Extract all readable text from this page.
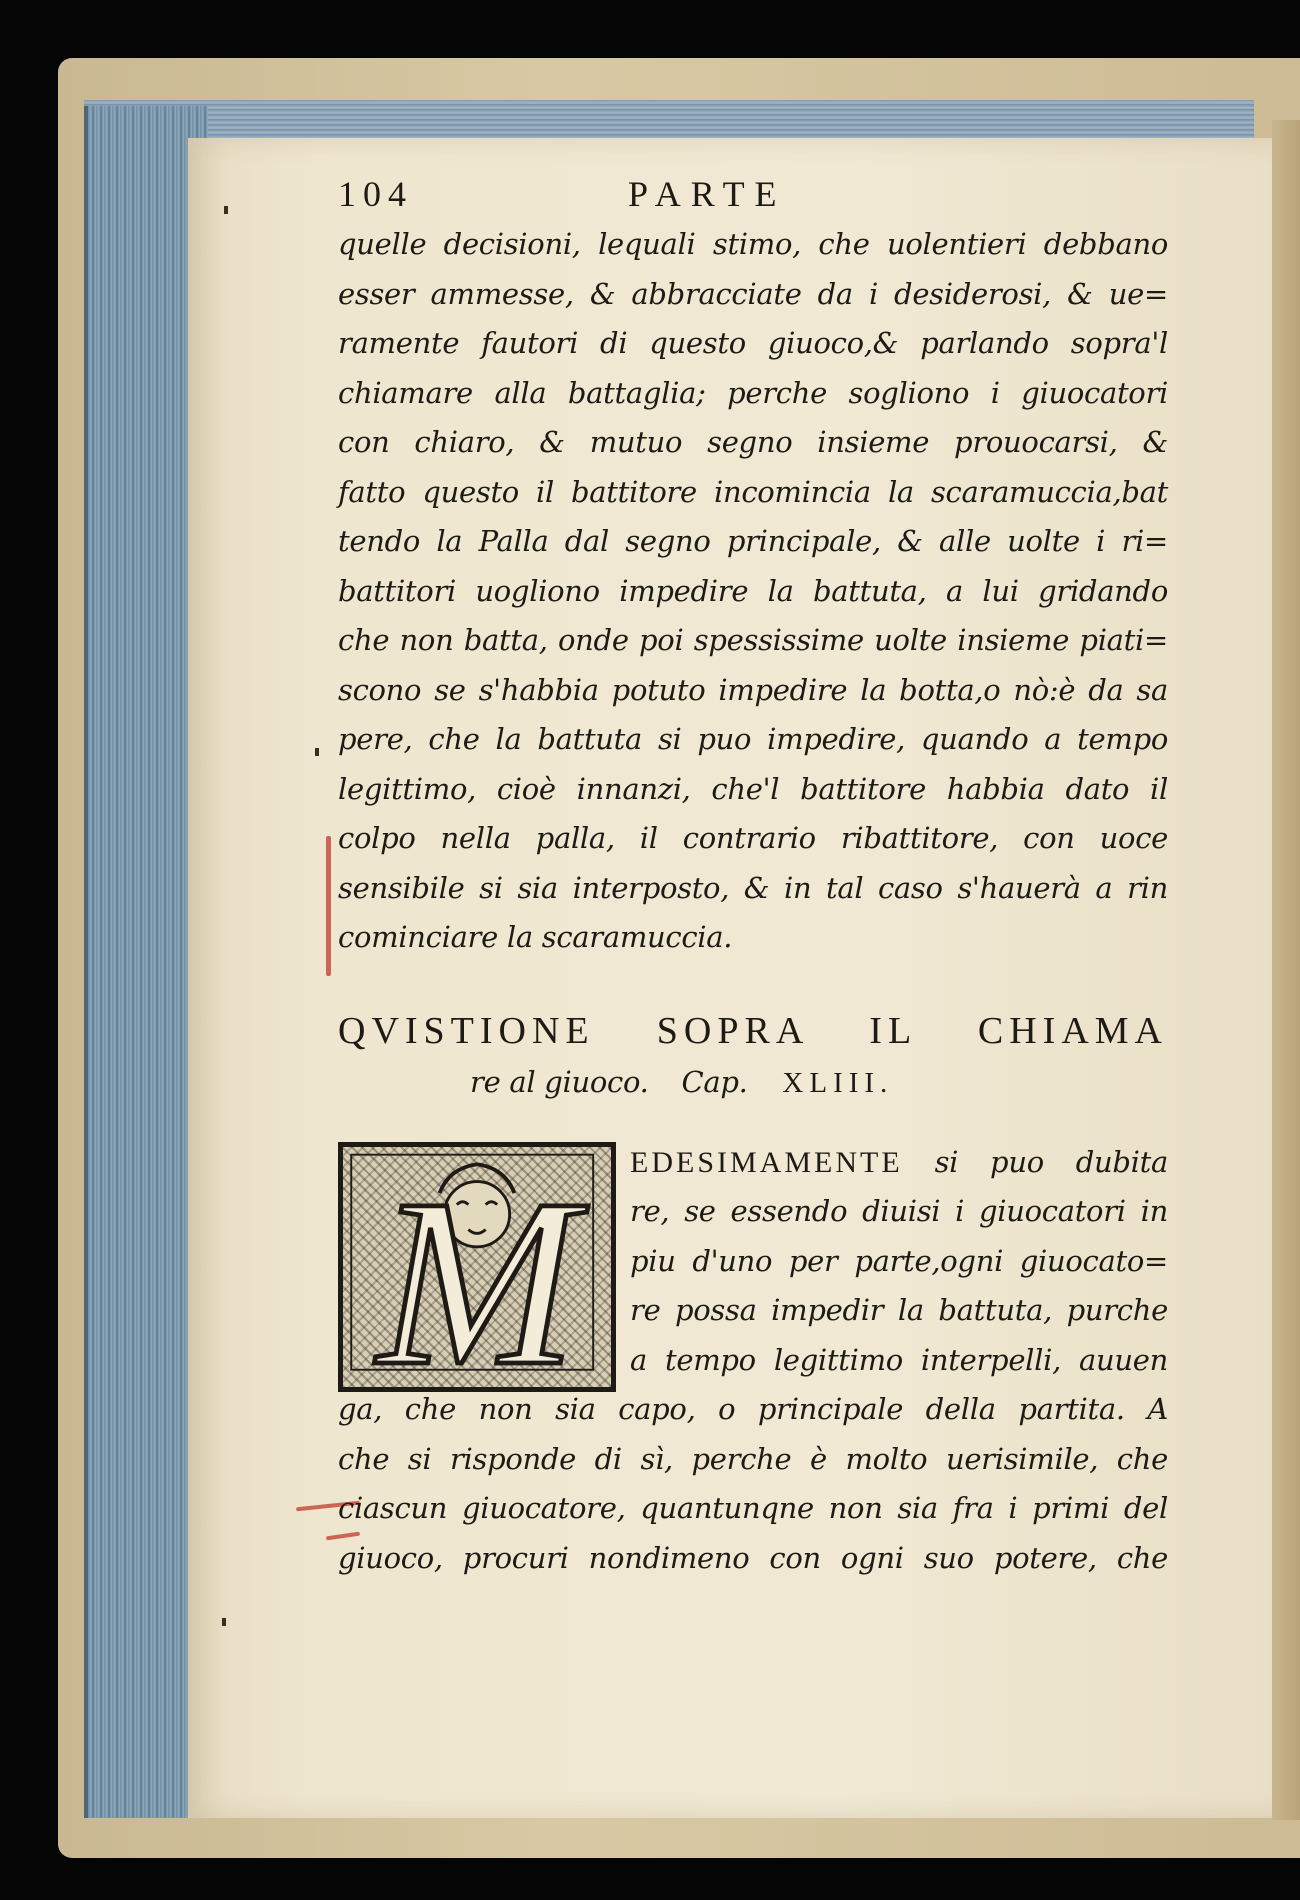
104	PARTE
quelle decisioni, lequali stimo, che uolentieri debbano
esser ammesse, & abbracciate da i desiderosi, & ue=
ramente fautori di questo giuoco,& parlando sopra'l
chiamare alla battaglia; perche sogliono i giuocatori
con chiaro, & mutuo segno insieme prouocarsi, &
fatto questo il battitore incomincia la scaramuccia,bat
tendo la Palla dal segno principale, & alle uolte i ri=
battitori uogliono impedire la battuta, a lui gridando
che non batta, onde poi spessissime uolte insieme piati=
scono se s'habbia potuto impedire la botta,o nò:è da sa
pere, che la battuta si puo impedire, quando a tempo
legittimo, cioè innanzi, che'l battitore habbia dato il
colpo nella palla, il contrario ribattitore, con uoce
sensibile si sia interposto, & in tal caso s'hauerà a rin
cominciare la scaramuccia.
QVISTIONE SOPRA IL CHIAMA
re al giuoco. Cap. XLIII.
M	EDESIMAMENTE si puo dubita
re, se essendo diuisi i giuocatori in
piu d'uno per parte,ogni giuocato=
re possa impedir la battuta, purche
a tempo legittimo interpelli, auuen
ga, che non sia capo, o principale della partita. A
che si risponde di sì, perche è molto uerisimile, che
ciascun giuocatore, quantunqne non sia fra i primi del
giuoco, procuri nondimeno con ogni suo potere, che
